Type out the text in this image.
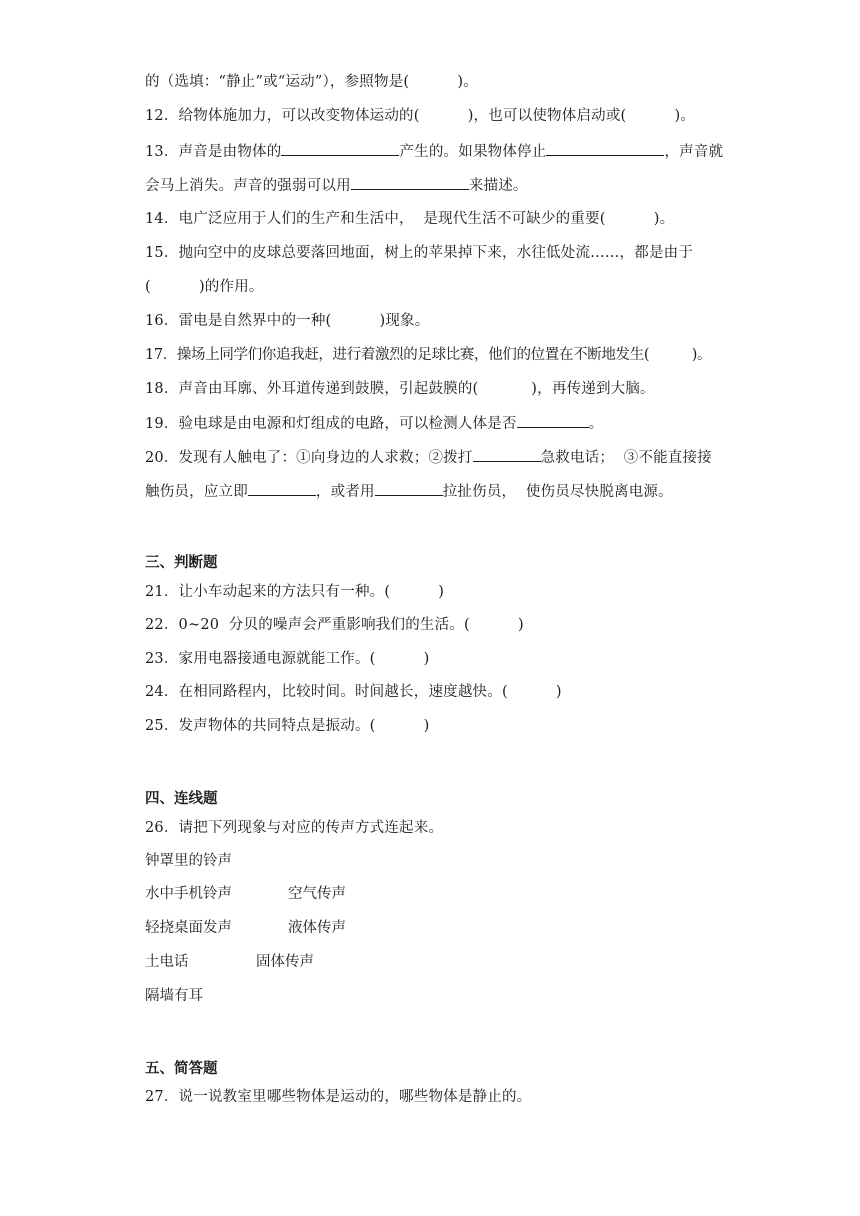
的（选填：“静止”或“运动”），参照物是(          )。
12．给物体施加力，可以改变物体运动的(          )，也可以使物体启动或(          )。
13．声音是由物体的	产生的。如果物体停止	，声音就
会马上消失。声音的强弱可以用	来描述。
14．电广泛应用于人们的生产和生活中，  是现代生活不可缺少的重要(          )。
15．抛向空中的皮球总要落回地面，树上的苹果掉下来，水往低处流……，都是由于
(          )的作用。
16．雷电是自然界中的一种(          )现象。
17．操场上同学们你追我赶，进行着激烈的足球比赛，他们的位置在不断地发生(          )。
18．声音由耳廓、外耳道传递到鼓膜，引起鼓膜的(           )，再传递到大脑。
19．验电球是由电源和灯组成的电路，可以检测人体是否	。
20．发现有人触电了：①向身边的人求救；②拨打	急救电话；  ③不能直接接
触伤员，应立即	，或者用	拉扯伤员，  使伤员尽快脱离电源。
三、判断题
21．让小车动起来的方法只有一种。(          )
22．0~20  分贝的噪声会严重影响我们的生活。(          )
23．家用电器接通电源就能工作。(          )
24．在相同路程内，比较时间。时间越长，速度越快。(          )
25．发声物体的共同特点是振动。(          )
四、连线题
26．请把下列现象与对应的传声方式连起来。
钟罩里的铃声
水中手机铃声	空气传声
轻挠桌面发声	液体传声
土电话	固体传声
隔墙有耳
五、简答题
27．说一说教室里哪些物体是运动的，哪些物体是静止的。
